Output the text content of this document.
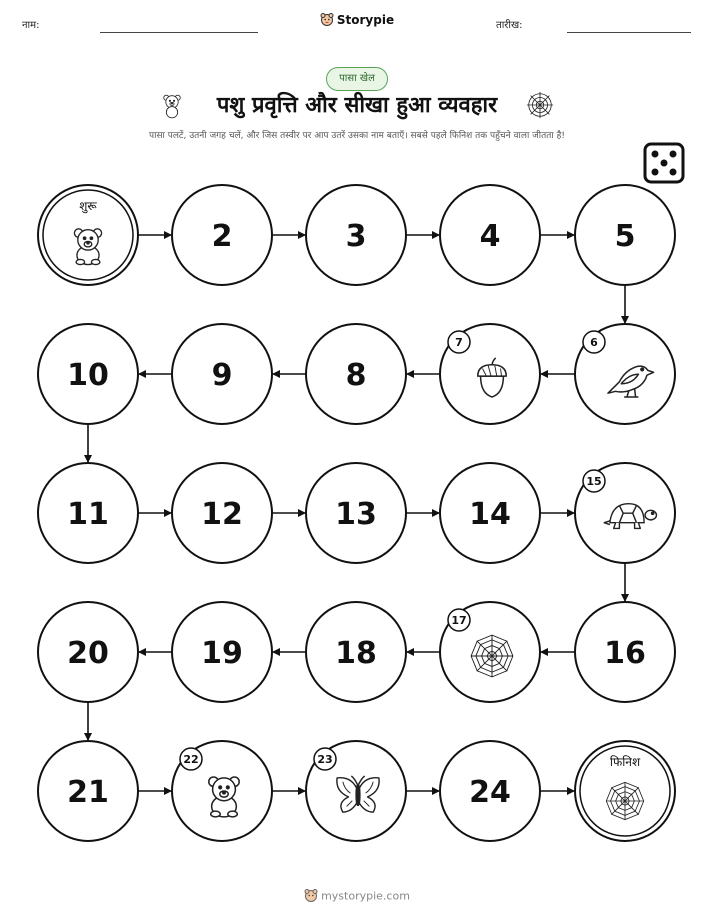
नाम:	Storypie	तारीख:
पासा खेल
पशु प्रवृत्ति और सीखा हुआ व्यवहार
पासा पलटें, उतनी जगह चलें, और जिस तस्वीर पर आप उतरें उसका नाम बताएँ। सबसे पहले फिनिश तक पहुँचने वाला जीतता है!
शुरू
2	3	4	5
6
7
8
9
10
11	12	13	14
15
16
17
18
19
20
21
22	23
24
फिनिश
mystorypie.com
